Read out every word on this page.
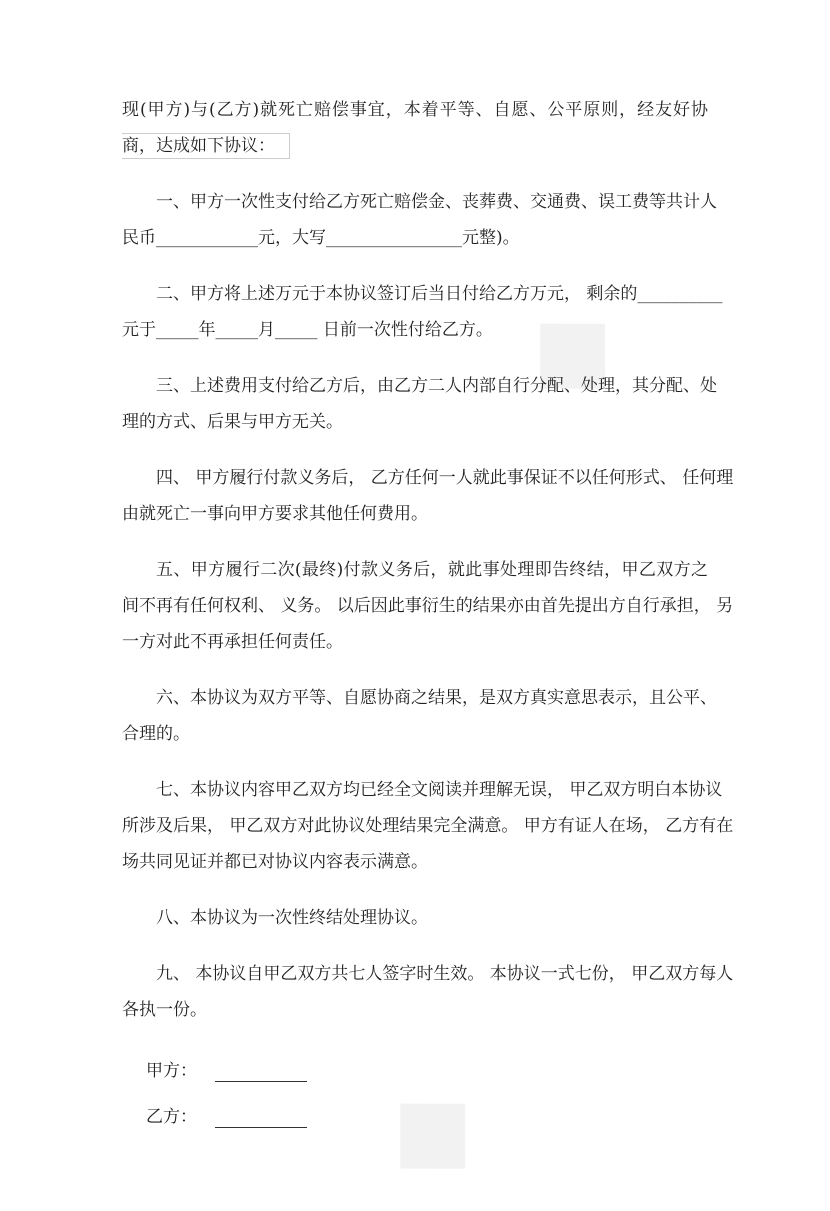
◆
◆
现(甲方)与(乙方)就死亡赔偿事宜，本着平等、自愿、公平原则，经友好协
商，达成如下协议：
一、甲方一次性支付给乙方死亡赔偿金、丧葬费、交通费、误工费等共计人
民币____________元，大写________________元整)。
二、甲方将上述万元于本协议签订后当日付给乙方万元， 剩余的__________
元于_____年_____月_____ 日前一次性付给乙方。
三、上述费用支付给乙方后，由乙方二人内部自行分配、处理，其分配、处
理的方式、后果与甲方无关。
四、 甲方履行付款义务后， 乙方任何一人就此事保证不以任何形式、 任何理
由就死亡一事向甲方要求其他任何费用。
五、甲方履行二次(最终)付款义务后，就此事处理即告终结，甲乙双方之
间不再有任何权利、 义务。 以后因此事衍生的结果亦由首先提出方自行承担， 另
一方对此不再承担任何责任。
六、本协议为双方平等、自愿协商之结果，是双方真实意思表示，且公平、
合理的。
七、本协议内容甲乙双方均已经全文阅读并理解无误， 甲乙双方明白本协议
所涉及后果， 甲乙双方对此协议处理结果完全满意。 甲方有证人在场， 乙方有在
场共同见证并都已对协议内容表示满意。
八、本协议为一次性终结处理协议。
九、 本协议自甲乙双方共七人签字时生效。 本协议一式七份， 甲乙双方每人
各执一份。
甲方：
乙方：
